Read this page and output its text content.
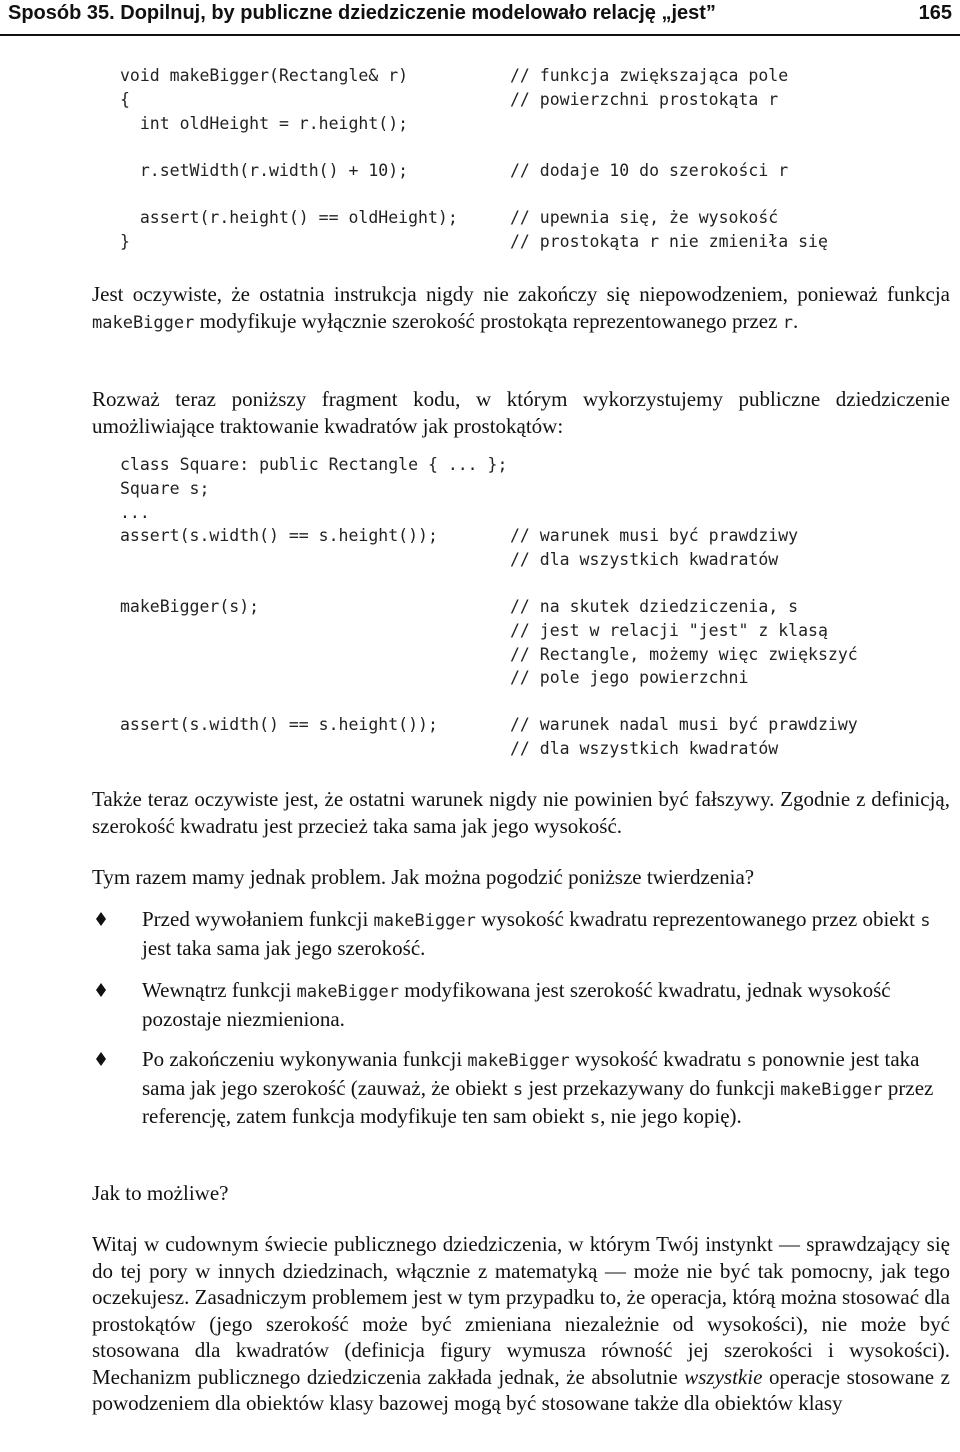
Sposób 35. Dopilnuj, by publiczne dziedziczenie modelowało relację „jest”	165
void makeBigger(Rectangle& r)	// funkcja zwiększająca pole
{	// powierzchni prostokąta r
int oldHeight = r.height();
r.setWidth(r.width() + 10);	// dodaje 10 do szerokości r
assert(r.height() == oldHeight);	// upewnia się, że wysokość
}	// prostokąta r nie zmieniła się
Jest oczywiste, że ostatnia instrukcja nigdy nie zakończy się niepowodzeniem, ponieważ funkcja makeBigger modyfikuje wyłącznie szerokość prostokąta reprezentowanego przez r.
Rozważ teraz poniższy fragment kodu, w którym wykorzystujemy publiczne dziedziczenie umożliwiające traktowanie kwadratów jak prostokątów:
class Square: public Rectangle { ... };
Square s;
...
assert(s.width() == s.height());	// warunek musi być prawdziwy
// dla wszystkich kwadratów
makeBigger(s);	// na skutek dziedziczenia, s
// jest w relacji "jest" z klasą
// Rectangle, możemy więc zwiększyć
// pole jego powierzchni
assert(s.width() == s.height());	// warunek nadal musi być prawdziwy
// dla wszystkich kwadratów
Także teraz oczywiste jest, że ostatni warunek nigdy nie powinien być fałszywy. Zgodnie z definicją, szerokość kwadratu jest przecież taka sama jak jego wysokość.
Tym razem mamy jednak problem. Jak można pogodzić poniższe twierdzenia?
Przed wywołaniem funkcji makeBigger wysokość kwadratu reprezentowanego przez obiekt s jest taka sama jak jego szerokość.
Wewnątrz funkcji makeBigger modyfikowana jest szerokość kwadratu, jednak wysokość pozostaje niezmieniona.
Po zakończeniu wykonywania funkcji makeBigger wysokość kwadratu s ponownie jest taka sama jak jego szerokość (zauważ, że obiekt s jest przekazywany do funkcji makeBigger przez referencję, zatem funkcja modyfikuje ten sam obiekt s, nie jego kopię).
Jak to możliwe?
Witaj w cudownym świecie publicznego dziedziczenia, w którym Twój instynkt — sprawdzający się do tej pory w innych dziedzinach, włącznie z matematyką — może nie być tak pomocny, jak tego oczekujesz. Zasadniczym problemem jest w tym przypadku to, że operacja, którą można stosować dla prostokątów (jego szerokość może być zmieniana niezależnie od wysokości), nie może być stosowana dla kwadratów (definicja figury wymusza równość jej szerokości i wysokości). Mechanizm publicznego dziedziczenia zakłada jednak, że absolutnie wszystkie operacje stosowane z powodzeniem dla obiektów klasy bazowej mogą być stosowane także dla obiektów klasy
